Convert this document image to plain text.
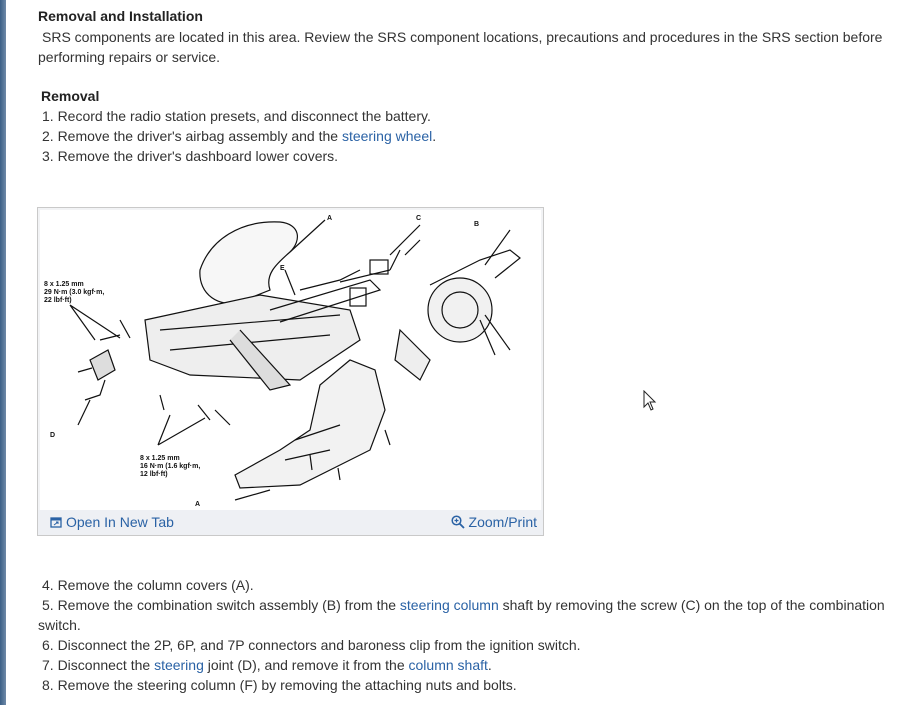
Removal and Installation
SRS components are located in this area. Review the SRS component locations, precautions and procedures in the SRS section before performing repairs or service.
Removal
1. Record the radio station presets, and disconnect the battery.
2. Remove the driver's airbag assembly and the steering wheel.
3. Remove the driver's dashboard lower covers.
A
B
C
D
E
A
8 x 1.25 mm
29 N·m (3.0 kgf·m,
22 lbf·ft)
8 x 1.25 mm
16 N·m (1.6 kgf·m,
12 lbf·ft)
Open In New Tab	Zoom/Print
4. Remove the column covers (A).
5. Remove the combination switch assembly (B) from the steering column shaft by removing the screw (C) on the top of the combination switch.
6. Disconnect the 2P, 6P, and 7P connectors and baroness clip from the ignition switch.
7. Disconnect the steering joint (D), and remove it from the column shaft.
8. Remove the steering column (F) by removing the attaching nuts and bolts.
